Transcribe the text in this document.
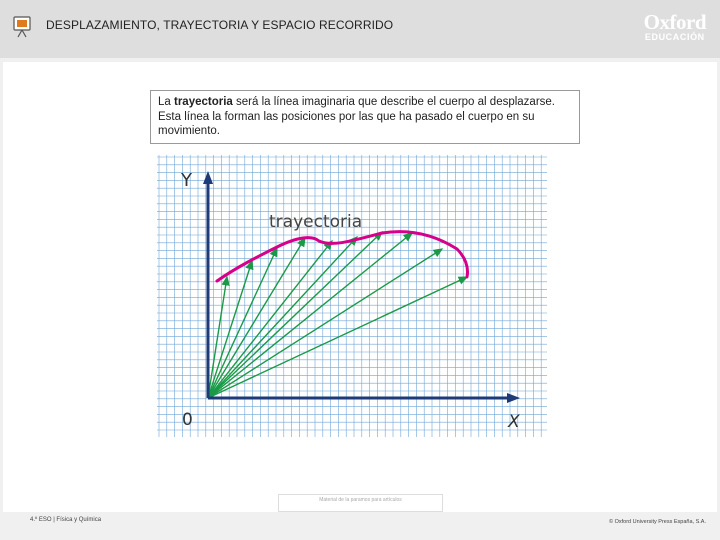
DESPLAZAMIENTO, TRAYECTORIA Y ESPACIO RECORRIDO	Oxford
EDUCACIÓN
La trayectoria será la línea imaginaria que describe el cuerpo al desplazarse. Esta línea la forman las posiciones por las que ha pasado el cuerpo en su movimiento.
Y
X
0
trayectoria
Material de la paramos para artículos
4.º ESO | Física y Química	© Oxford University Press España, S.A.
